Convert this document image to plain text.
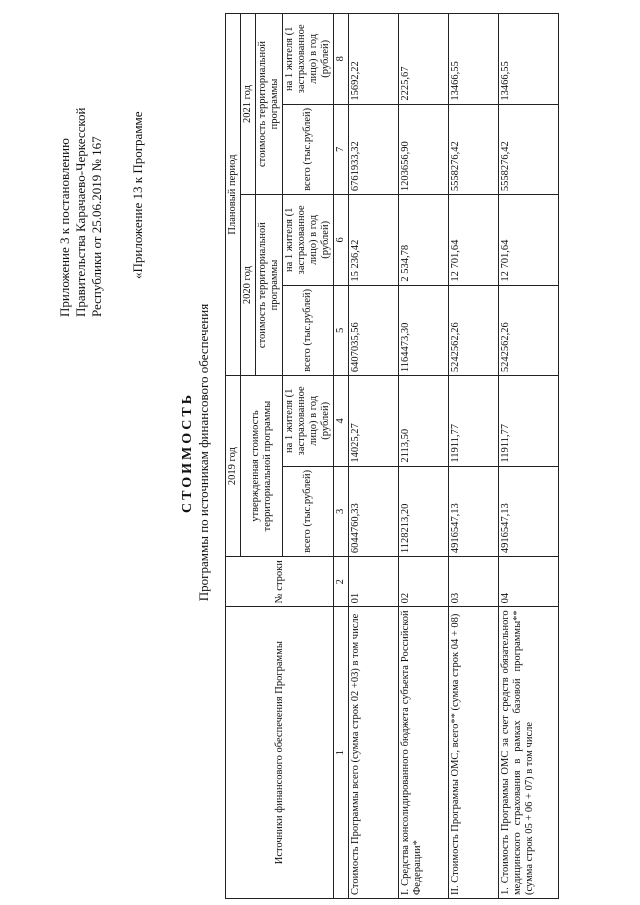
Приложение 3 к постановлению Правительства Карачаево-Черкесской Республики от 25.06.2019 № 167 «Приложение 13 к Программе
СТОИМОСТЬ Программы по источникам финансового обеспечения
Источники финансового обеспечения Программы	№ строки	2019 год		Плановый период			
		утвержденная стоимость территориальной программы		2020 год		2021 год	
				стоимость территориальной программы		стоимость территориальной программы	
		всего (тыс.рублей)	на 1 жителя (1 застрахованное лицо) в год (рублей)	всего (тыс.рублей)	на 1 жителя (1 застрахованное лицо) в год (рублей)	всего (тыс.рублей)	на 1 жителя (1 застрахованное лицо) в год (рублей)
1	2	3	4	5	6	7	8
Стоимость Программы всего (сумма строк 02 +03) в том числе	01	6044760,33	14025,27	6407035,56	15 236,42	6761933,32	15692,22
I. Средства консолидированного бюджета субъекта Российской Федерации*	02	1128213,20	2113,50	1164473,30	2 534,78	1203656,90	2225,67
II. Стоимость Программы ОМС, всего** (сумма строк 04 + 08)	03	4916547,13	11911,77	5242562,26	12 701,64	5558276,42	13466,55
1. Стоимость Программы ОМС за счет средств обязательного медицинского страхования в рамках базовой программы** (сумма строк 05 + 06 + 07) в том числе	04	4916547,13	11911,77	5242562,26	12 701,64	5558276,42	13466,55
